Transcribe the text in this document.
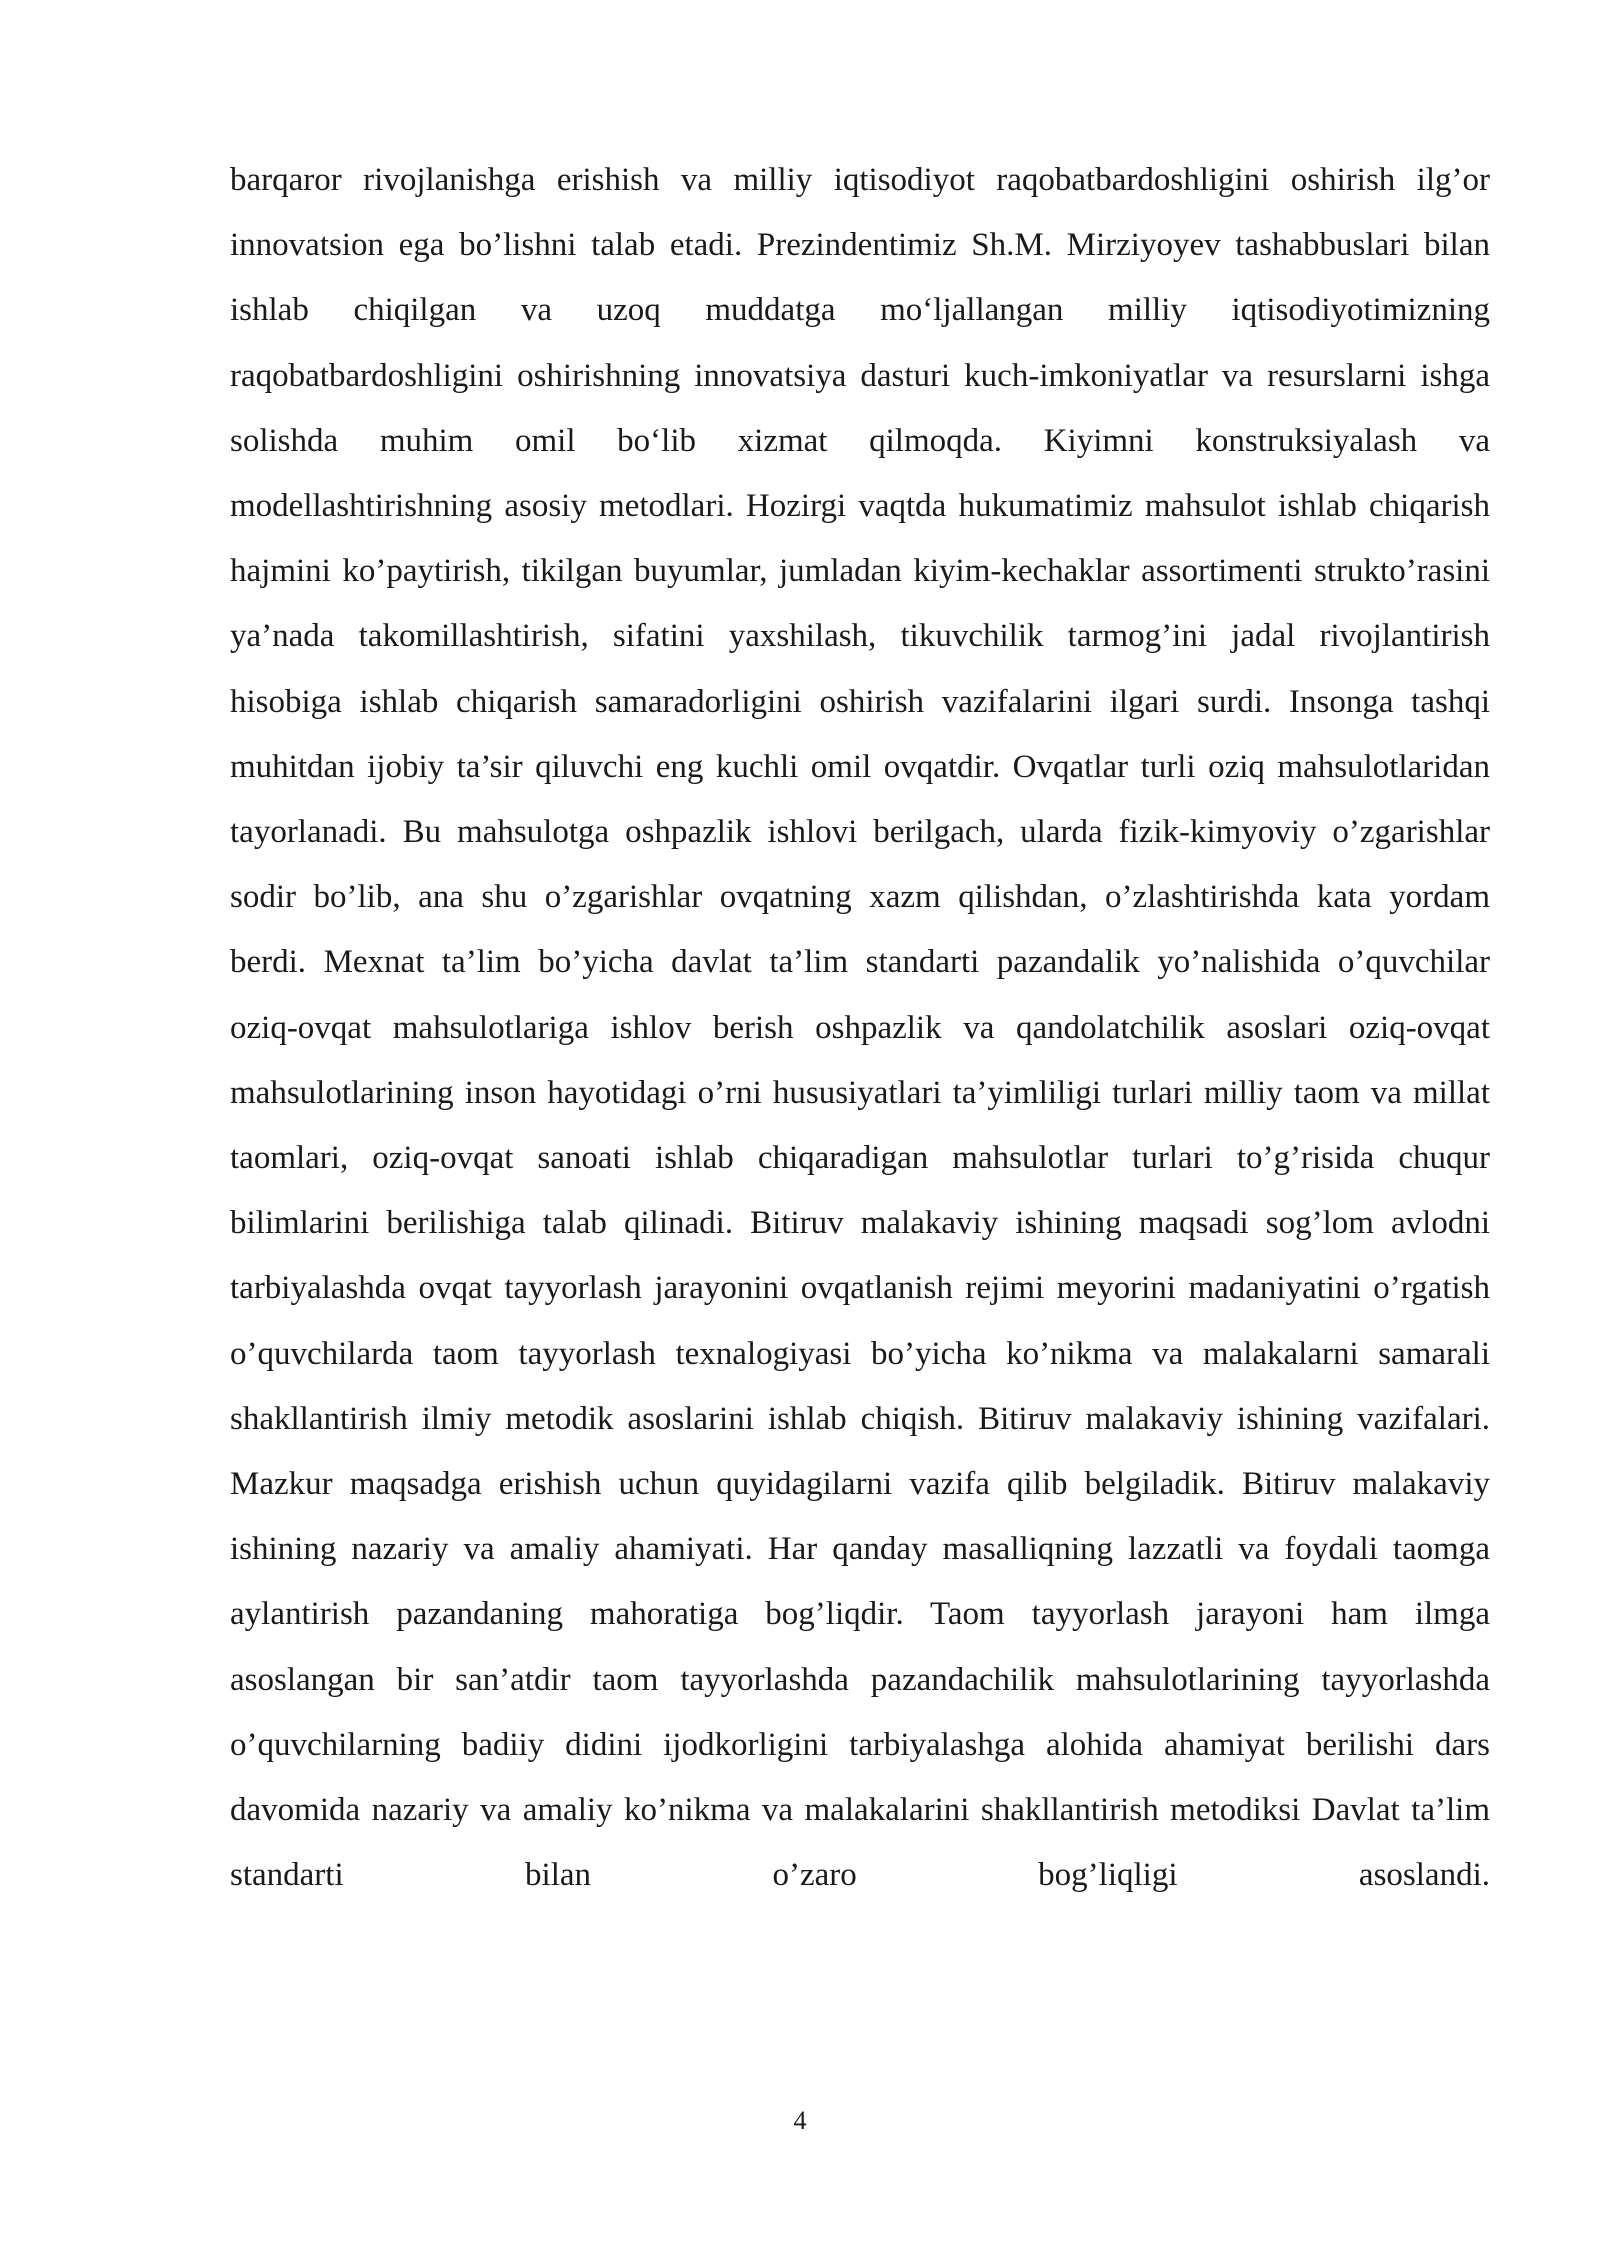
barqaror rivojlanishga erishish va milliy iqtisodiyot raqobatbardoshligini oshirish ilg’or innovatsion ega bo’lishni talab etadi. Prezindentimiz Sh.M. Mirziyoyev tashabbuslari bilan ishlab chiqilgan va uzoq muddatga mo‘ljallangan milliy iqtisodiyotimizning raqobatbardoshligini oshirishning innovatsiya dasturi kuch-imkoniyatlar va resurslarni ishga solishda muhim omil bo‘lib xizmat qilmoqda. Kiyimni konstruksiyalash va modellashtirishning asosiy metodlari. Hozirgi vaqtda hukumatimiz mahsulot ishlab chiqarish hajmini ko’paytirish, tikilgan buyumlar, jumladan kiyim-kechaklar assortimenti strukto’rasini ya’nada takomillashtirish, sifatini yaxshilash, tikuvchilik tarmog’ini jadal rivojlantirish hisobiga ishlab chiqarish samaradorligini oshirish vazifalarini ilgari surdi. Insonga tashqi muhitdan ijobiy ta’sir qiluvchi eng kuchli omil ovqatdir. Ovqatlar turli oziq mahsulotlaridan tayorlanadi. Bu mahsulotga oshpazlik ishlovi berilgach, ularda fizik-kimyoviy o’zgarishlar sodir bo’lib, ana shu o’zgarishlar ovqatning xazm qilishdan, o’zlashtirishda kata yordam berdi. Mexnat ta’lim bo’yicha davlat ta’lim standarti pazandalik yo’nalishida o’quvchilar oziq-ovqat mahsulotlariga ishlov berish oshpazlik va qandolatchilik asoslari oziq-ovqat mahsulotlarining inson hayotidagi o’rni hususiyatlari ta’yimliligi turlari milliy taom va millat taomlari, oziq-ovqat sanoati ishlab chiqaradigan mahsulotlar turlari to’g’risida chuqur bilimlarini berilishiga talab qilinadi. Bitiruv malakaviy ishining maqsadi sog’lom avlodni tarbiyalashda ovqat tayyorlash jarayonini ovqatlanish rejimi meyorini madaniyatini o’rgatish o’quvchilarda taom tayyorlash texnalogiyasi bo’yicha ko’nikma va malakalarni samarali shakllantirish ilmiy metodik asoslarini ishlab chiqish. Bitiruv malakaviy ishining vazifalari. Mazkur maqsadga erishish uchun quyidagilarni vazifa qilib belgiladik. Bitiruv malakaviy ishining nazariy va amaliy ahamiyati. Har qanday masalliqning lazzatli va foydali taomga aylantirish pazandaning mahoratiga bog’liqdir. Taom tayyorlash jarayoni ham ilmga asoslangan bir san’atdir taom tayyorlashda pazandachilik mahsulotlarining tayyorlashda o’quvchilarning badiiy didini ijodkorligini tarbiyalashga alohida ahamiyat berilishi dars davomida nazariy va amaliy ko’nikma va malakalarini shakllantirish metodiksi Davlat ta’lim standarti bilan o’zaro bog’liqligi asoslandi.

4
